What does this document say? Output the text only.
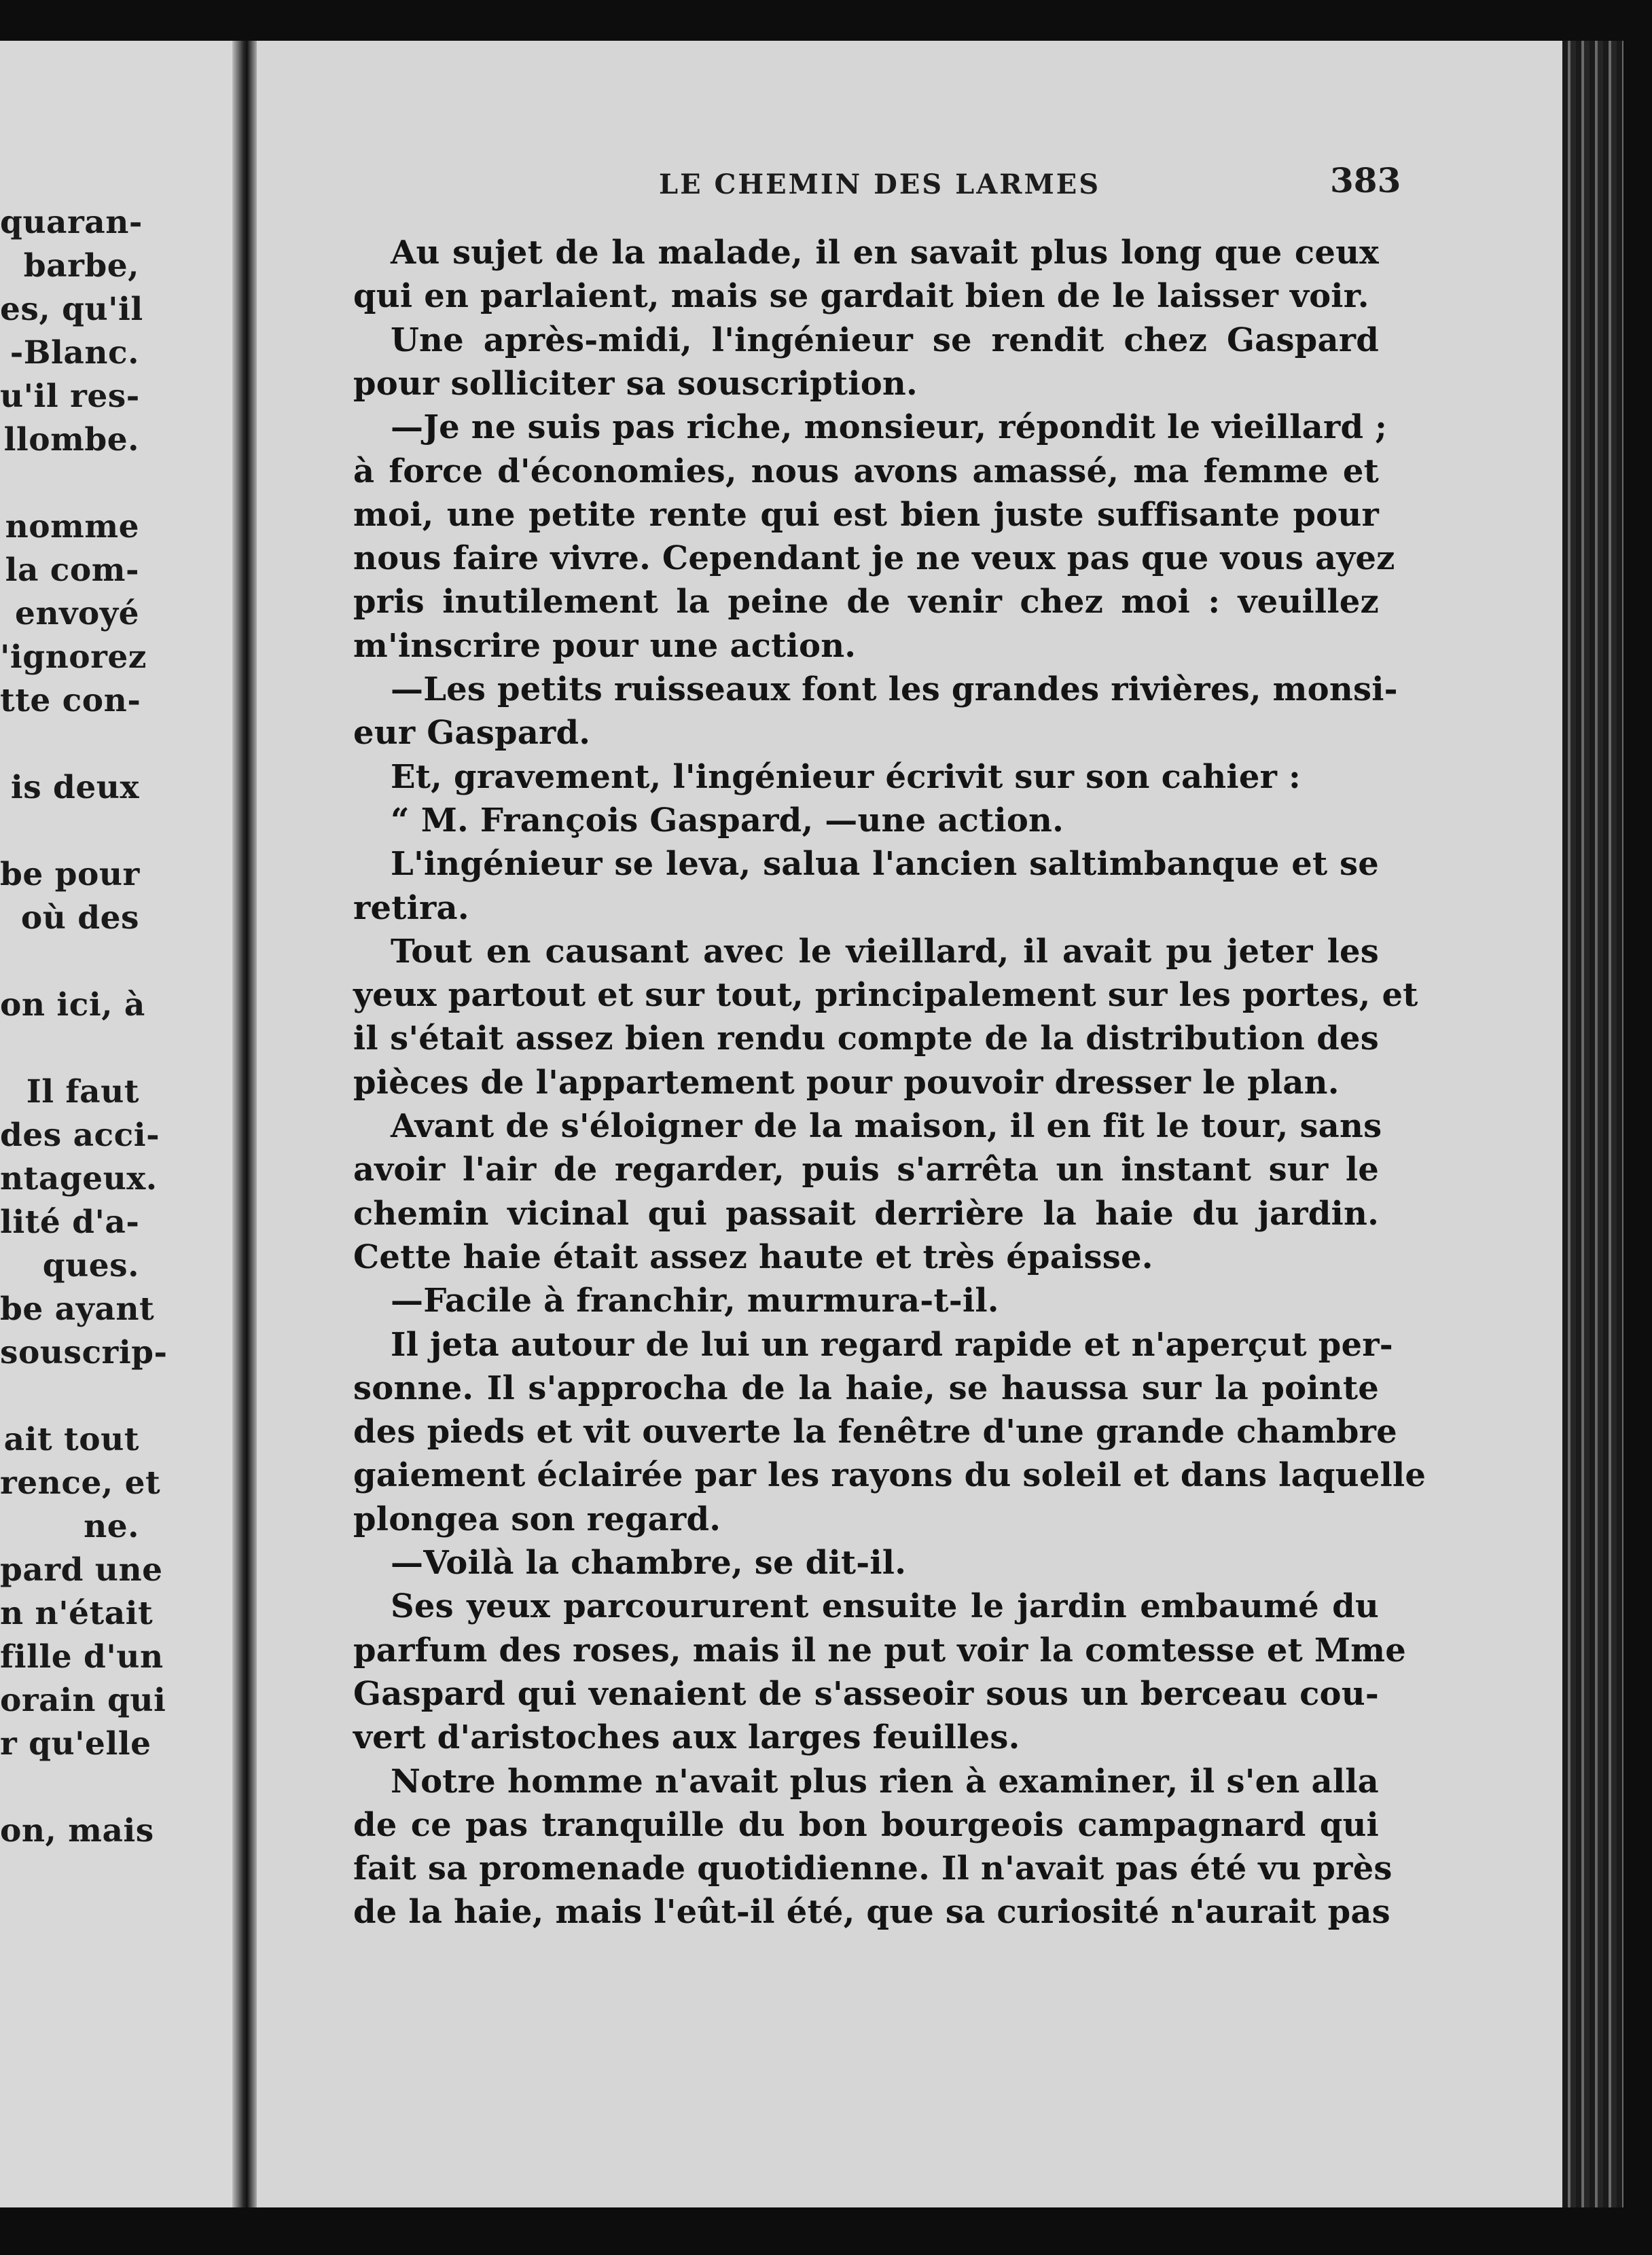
quaran-
barbe,
es, qu'il
-Blanc.
u'il res-
llombe.
nomme
la com-
envoyé
'ignorez
tte con-
is deux
be pour
où des
on ici, à
Il faut
des acci-
ntageux.
lité d'a-
ques.
be ayant
souscrip-
ait tout
rence, et
ne.
pard une
n n'était
fille d'un
orain qui
r qu'elle
on, mais
LE CHEMIN DES LARMES	383
Au sujet de la malade, il en savait plus long que ceux
qui en parlaient, mais se gardait bien de le laisser voir.
Une après-midi, l'ingénieur se rendit chez Gaspard
pour solliciter sa souscription.
—Je ne suis pas riche, monsieur, répondit le vieillard ;
à force d'économies, nous avons amassé, ma femme et
moi, une petite rente qui est bien juste suffisante pour
nous faire vivre. Cependant je ne veux pas que vous ayez
pris inutilement la peine de venir chez moi : veuillez
m'inscrire pour une action.
—Les petits ruisseaux font les grandes rivières, monsi-
eur Gaspard.
Et, gravement, l'ingénieur écrivit sur son cahier :
“ M. François Gaspard, —une action.
L'ingénieur se leva, salua l'ancien saltimbanque et se
retira.
Tout en causant avec le vieillard, il avait pu jeter les
yeux partout et sur tout, principalement sur les portes, et
il s'était assez bien rendu compte de la distribution des
pièces de l'appartement pour pouvoir dresser le plan.
Avant de s'éloigner de la maison, il en fit le tour, sans
avoir l'air de regarder, puis s'arrêta un instant sur le
chemin vicinal qui passait derrière la haie du jardin.
Cette haie était assez haute et très épaisse.
—Facile à franchir, murmura-t-il.
Il jeta autour de lui un regard rapide et n'aperçut per-
sonne. Il s'approcha de la haie, se haussa sur la pointe
des pieds et vit ouverte la fenêtre d'une grande chambre
gaiement éclairée par les rayons du soleil et dans laquelle
plongea son regard.
—Voilà la chambre, se dit-il.
Ses yeux parcoururent ensuite le jardin embaumé du
parfum des roses, mais il ne put voir la comtesse et Mme
Gaspard qui venaient de s'asseoir sous un berceau cou-
vert d'aristoches aux larges feuilles.
Notre homme n'avait plus rien à examiner, il s'en alla
de ce pas tranquille du bon bourgeois campagnard qui
fait sa promenade quotidienne. Il n'avait pas été vu près
de la haie, mais l'eût-il été, que sa curiosité n'aurait pas
